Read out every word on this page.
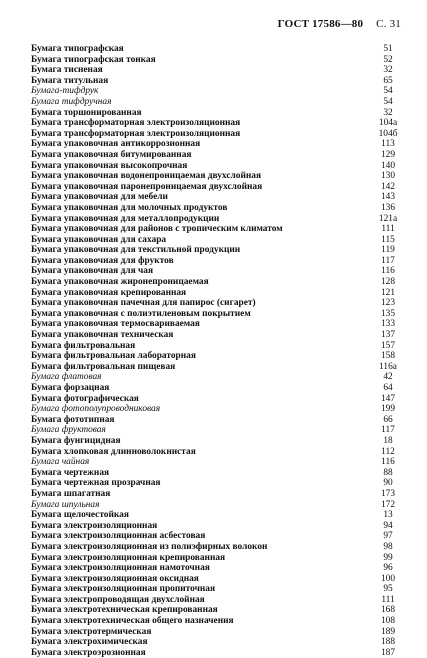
ГОСТ 17586—80 С. 31
Бумага типографская	51
Бумага типографская тонкая	52
Бумага тисненая	32
Бумага титульная	65
Бумага-тифдрук	54
Бумага тифдручная	54
Бумага торшонированная	32
Бумага трансформаторная электроизоляционная	104а
Бумага трансформаторная электроизоляционная	104б
Бумага упаковочная антикоррозионная	113
Бумага упаковочная битумированная	129
Бумага упаковочная высокопрочная	140
Бумага упаковочная водонепроницаемая двухслойная	130
Бумага упаковочная паронепроницаемая двухслойная	142
Бумага упаковочная для мебели	143
Бумага упаковочная для молочных продуктов	136
Бумага упаковочная для металлопродукции	121а
Бумага упаковочная для районов с тропическим климатом	111
Бумага упаковочная для сахара	115
Бумага упаковочная для текстильной продукции	119
Бумага упаковочная для фруктов	117
Бумага упаковочная для чая	116
Бумага упаковочная жиронепроницаемая	128
Бумага упаковочная крепированная	121
Бумага упаковочная пачечная для папирос (сигарет)	123
Бумага упаковочная с полиэтиленовым покрытием	135
Бумага упаковочная термосвариваемая	133
Бумага упаковочная техническая	137
Бумага фильтровальная	157
Бумага фильтровальная лабораторная	158
Бумага фильтровальная пищевая	116а
Бумага флатовая	42
Бумага форзацная	64
Бумага фотографическая	147
Бумага фотополупроводниковая	199
Бумага фототипная	66
Бумага фруктовая	117
Бумага фунгицидная	18
Бумага хлопковая длинноволокнистая	112
Бумага чайная	116
Бумага чертежная	88
Бумага чертежная прозрачная	90
Бумага шпагатная	173
Бумага шпульная	172
Бумага щелочестойкая	13
Бумага электроизоляционная	94
Бумага электроизоляционная асбестовая	97
Бумага электроизоляционная из полиэфирных волокон	98
Бумага электроизоляционная крепированная	99
Бумага электроизоляционная намоточная	96
Бумага электроизоляционная оксидная	100
Бумага электроизоляционная пропиточная	95
Бумага электропроводящая двухслойная	111
Бумага электротехническая крепированная	168
Бумага электротехническая общего назначения	108
Бумага электротермическая	189
Бумага электрохимическая	188
Бумага электроэрозионная	187
